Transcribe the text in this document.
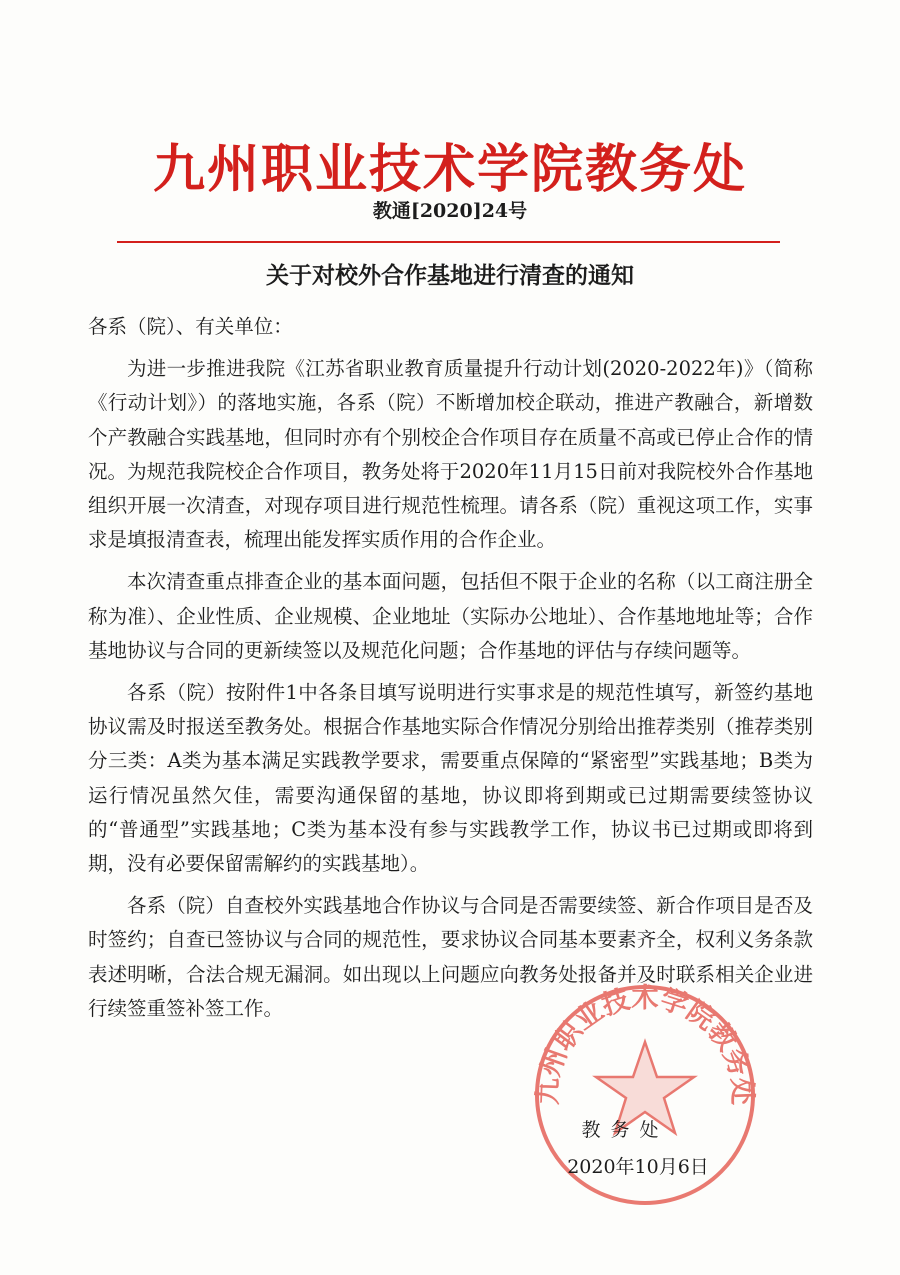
九州职业技术学院教务处
教通[2020]24号
关于对校外合作基地进行清查的通知

各系（院）、有关单位：

为进一步推进我院《江苏省职业教育质量提升行动计划(2020-2022年)》（简称《行动计划》）的落地实施，各系（院）不断增加校企联动，推进产教融合，新增数个产教融合实践基地，但同时亦有个别校企合作项目存在质量不高或已停止合作的情况。为规范我院校企合作项目，教务处将于2020年11月15日前对我院校外合作基地组织开展一次清查，对现存项目进行规范性梳理。请各系（院）重视这项工作，实事求是填报清查表，梳理出能发挥实质作用的合作企业。

本次清查重点排查企业的基本面问题，包括但不限于企业的名称（以工商注册全称为准）、企业性质、企业规模、企业地址（实际办公地址）、合作基地地址等；合作基地协议与合同的更新续签以及规范化问题；合作基地的评估与存续问题等。

各系（院）按附件1中各条目填写说明进行实事求是的规范性填写，新签约基地协议需及时报送至教务处。根据合作基地实际合作情况分别给出推荐类别（推荐类别分三类：A类为基本满足实践教学要求，需要重点保障的“紧密型”实践基地；B类为运行情况虽然欠佳，需要沟通保留的基地，协议即将到期或已过期需要续签协议的“普通型”实践基地；C类为基本没有参与实践教学工作，协议书已过期或即将到期，没有必要保留需解约的实践基地）。

各系（院）自查校外实践基地合作协议与合同是否需要续签、新合作项目是否及时签约；自查已签协议与合同的规范性，要求协议合同基本要素齐全，权利义务条款表述明晰，合法合规无漏洞。如出现以上问题应向教务处报备并及时联系相关企业进行续签重签补签工作。

九州职业技术学院教务处
教务处
2020年10月6日
